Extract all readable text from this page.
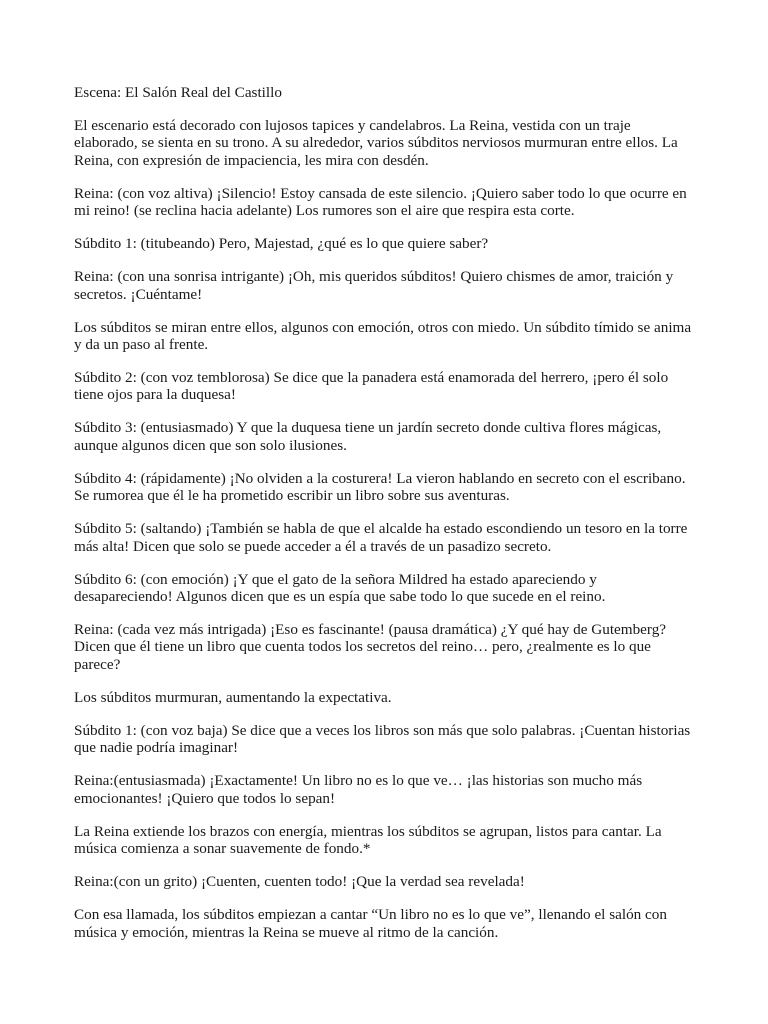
Escena: El Salón Real del Castillo

El escenario está decorado con lujosos tapices y candelabros. La Reina, vestida con un traje elaborado, se sienta en su trono. A su alrededor, varios súbditos nerviosos murmuran entre ellos. La Reina, con expresión de impaciencia, les mira con desdén.

Reina: (con voz altiva) ¡Silencio! Estoy cansada de este silencio. ¡Quiero saber todo lo que ocurre en mi reino! (se reclina hacia adelante) Los rumores son el aire que respira esta corte.

Súbdito 1: (titubeando) Pero, Majestad, ¿qué es lo que quiere saber?

Reina: (con una sonrisa intrigante) ¡Oh, mis queridos súbditos! Quiero chismes de amor, traición y secretos. ¡Cuéntame!

Los súbditos se miran entre ellos, algunos con emoción, otros con miedo. Un súbdito tímido se anima y da un paso al frente.

Súbdito 2: (con voz temblorosa) Se dice que la panadera está enamorada del herrero, ¡pero él solo tiene ojos para la duquesa!

Súbdito 3: (entusiasmado) Y que la duquesa tiene un jardín secreto donde cultiva flores mágicas, aunque algunos dicen que son solo ilusiones.

Súbdito 4: (rápidamente) ¡No olviden a la costurera! La vieron hablando en secreto con el escribano. Se rumorea que él le ha prometido escribir un libro sobre sus aventuras.

Súbdito 5: (saltando) ¡También se habla de que el alcalde ha estado escondiendo un tesoro en la torre más alta! Dicen que solo se puede acceder a él a través de un pasadizo secreto.

Súbdito 6: (con emoción) ¡Y que el gato de la señora Mildred ha estado apareciendo y desapareciendo! Algunos dicen que es un espía que sabe todo lo que sucede en el reino.

Reina: (cada vez más intrigada) ¡Eso es fascinante! (pausa dramática) ¿Y qué hay de Gutemberg? Dicen que él tiene un libro que cuenta todos los secretos del reino… pero, ¿realmente es lo que parece?

Los súbditos murmuran, aumentando la expectativa.

Súbdito 1: (con voz baja) Se dice que a veces los libros son más que solo palabras. ¡Cuentan historias que nadie podría imaginar!

Reina:(entusiasmada) ¡Exactamente! Un libro no es lo que ve… ¡las historias son mucho más emocionantes! ¡Quiero que todos lo sepan!

La Reina extiende los brazos con energía, mientras los súbditos se agrupan, listos para cantar. La música comienza a sonar suavemente de fondo.*

Reina:(con un grito) ¡Cuenten, cuenten todo! ¡Que la verdad sea revelada!

Con esa llamada, los súbditos empiezan a cantar “Un libro no es lo que ve”, llenando el salón con música y emoción, mientras la Reina se mueve al ritmo de la canción.
